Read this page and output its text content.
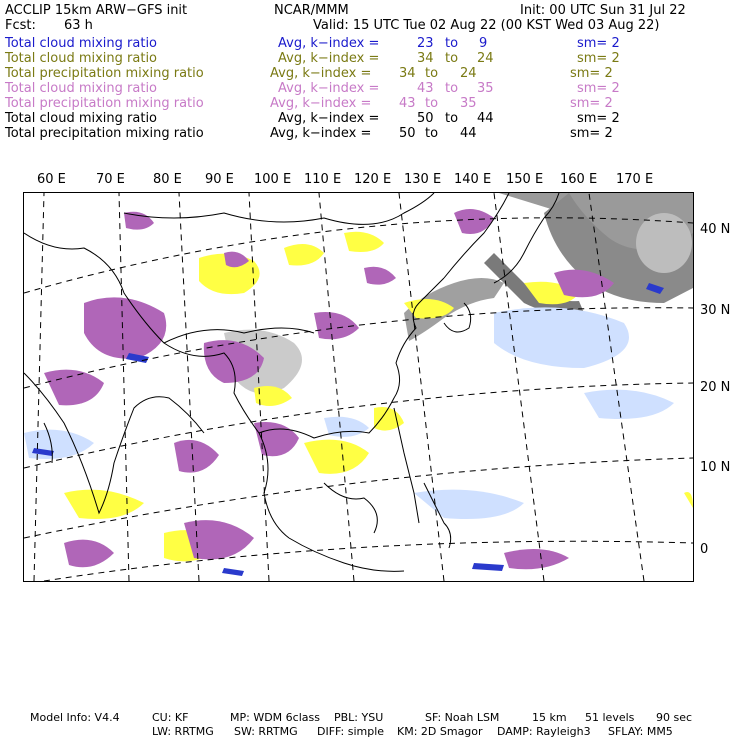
ACCLIP 15km ARW−GFS init	NCAR/MMM	Init: 00 UTC Sun 31 Jul 22
Fcst: 63 h	Valid: 15 UTC Tue 02 Aug 22 (00 KST Wed 03 Aug 22)
Total cloud mixing ratio	Avg, k−index =	23 to 9	sm= 2
Total cloud mixing ratio	Avg, k−index =	34 to 24	sm= 2
Total precipitation mixing ratio	Avg, k−index = 34 to 24	sm= 2
Total cloud mixing ratio	Avg, k−index =	43 to 35	sm= 2
Total precipitation mixing ratio	Avg, k−index = 43 to 35	sm= 2
Total cloud mixing ratio	Avg, k−index =	50 to 44	sm= 2
Total precipitation mixing ratio	Avg, k−index = 50 to 44	sm= 2
60 E 70 E 80 E 90 E 100 E 110 E 120 E 130 E 140 E 150 E 160 E 170 E
40 N
30 N
20 N
10 N
0
Model Info: V4.4	CU: KF	MP: WDM 6class PBL: YSU	SF: Noah LSM	15 km 51 levels 90 sec
LW: RRTMG SW: RRTMG DIFF: simple KM: 2D Smagor DAMP: Rayleigh3 SFLAY: MM5
